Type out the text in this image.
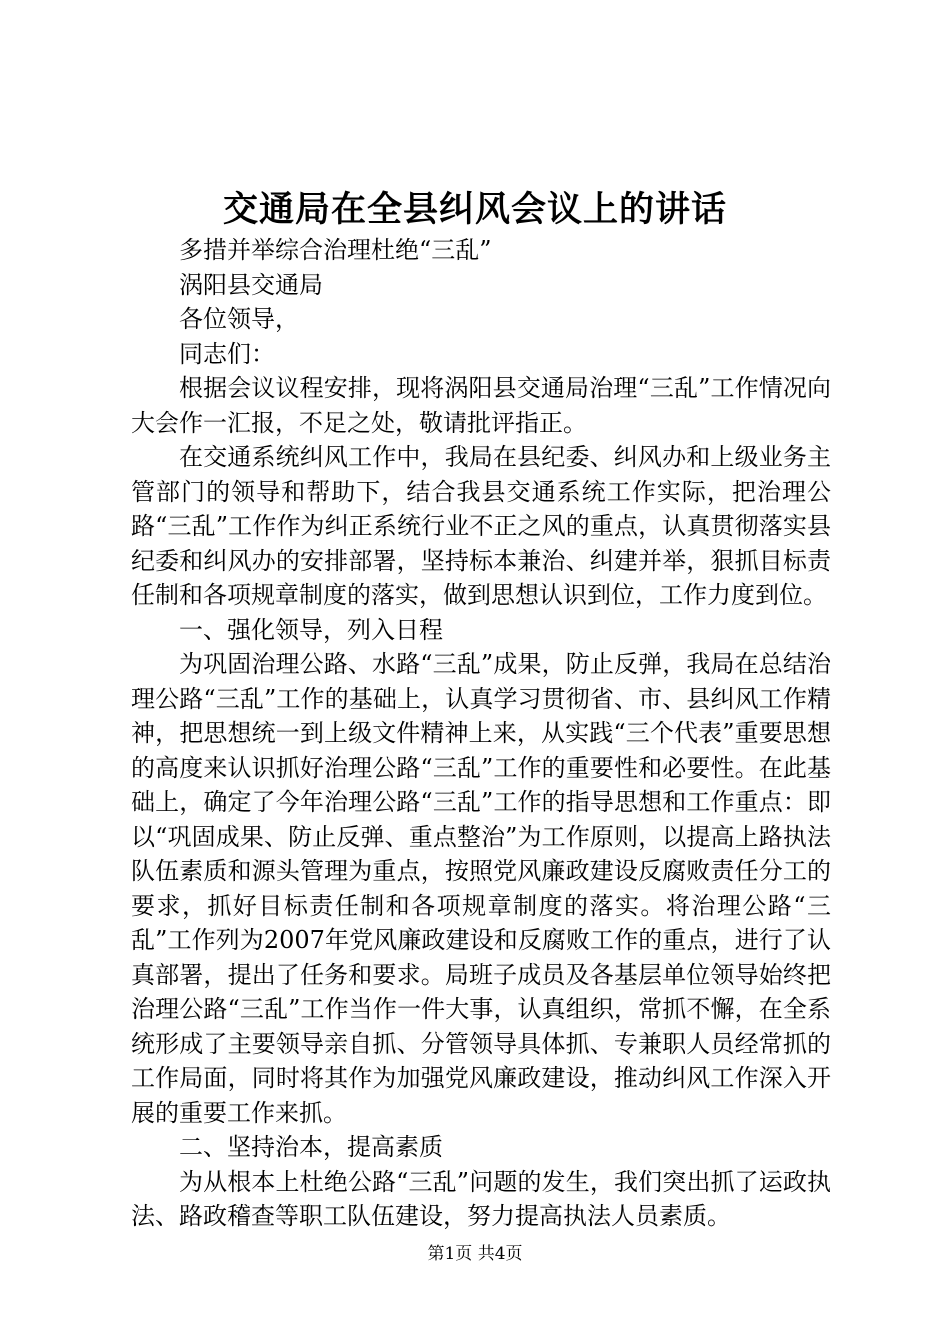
交通局在全县纠风会议上的讲话

多措并举综合治理杜绝“三乱”

涡阳县交通局

各位领导，

同志们：

根据会议议程安排，现将涡阳县交通局治理“三乱”工作情况向大会作一汇报，不足之处，敬请批评指正。

在交通系统纠风工作中，我局在县纪委、纠风办和上级业务主管部门的领导和帮助下，结合我县交通系统工作实际，把治理公路“三乱”工作作为纠正系统行业不正之风的重点，认真贯彻落实县纪委和纠风办的安排部署，坚持标本兼治、纠建并举，狠抓目标责任制和各项规章制度的落实，做到思想认识到位，工作力度到位。

一、强化领导，列入日程

为巩固治理公路、水路“三乱”成果，防止反弹，我局在总结治理公路“三乱”工作的基础上，认真学习贯彻省、市、县纠风工作精神，把思想统一到上级文件精神上来，从实践“三个代表”重要思想的高度来认识抓好治理公路“三乱”工作的重要性和必要性。在此基础上，确定了今年治理公路“三乱”工作的指导思想和工作重点：即以“巩固成果、防止反弹、重点整治”为工作原则，以提高上路执法队伍素质和源头管理为重点，按照党风廉政建设反腐败责任分工的要求，抓好目标责任制和各项规章制度的落实。将治理公路“三乱”工作列为2007年党风廉政建设和反腐败工作的重点，进行了认真部署，提出了任务和要求。局班子成员及各基层单位领导始终把治理公路“三乱”工作当作一件大事，认真组织，常抓不懈，在全系统形成了主要领导亲自抓、分管领导具体抓、专兼职人员经常抓的工作局面，同时将其作为加强党风廉政建设，推动纠风工作深入开展的重要工作来抓。

二、坚持治本，提高素质

为从根本上杜绝公路“三乱”问题的发生，我们突出抓了运政执法、路政稽查等职工队伍建设，努力提高执法人员素质。

第1页 共4页
